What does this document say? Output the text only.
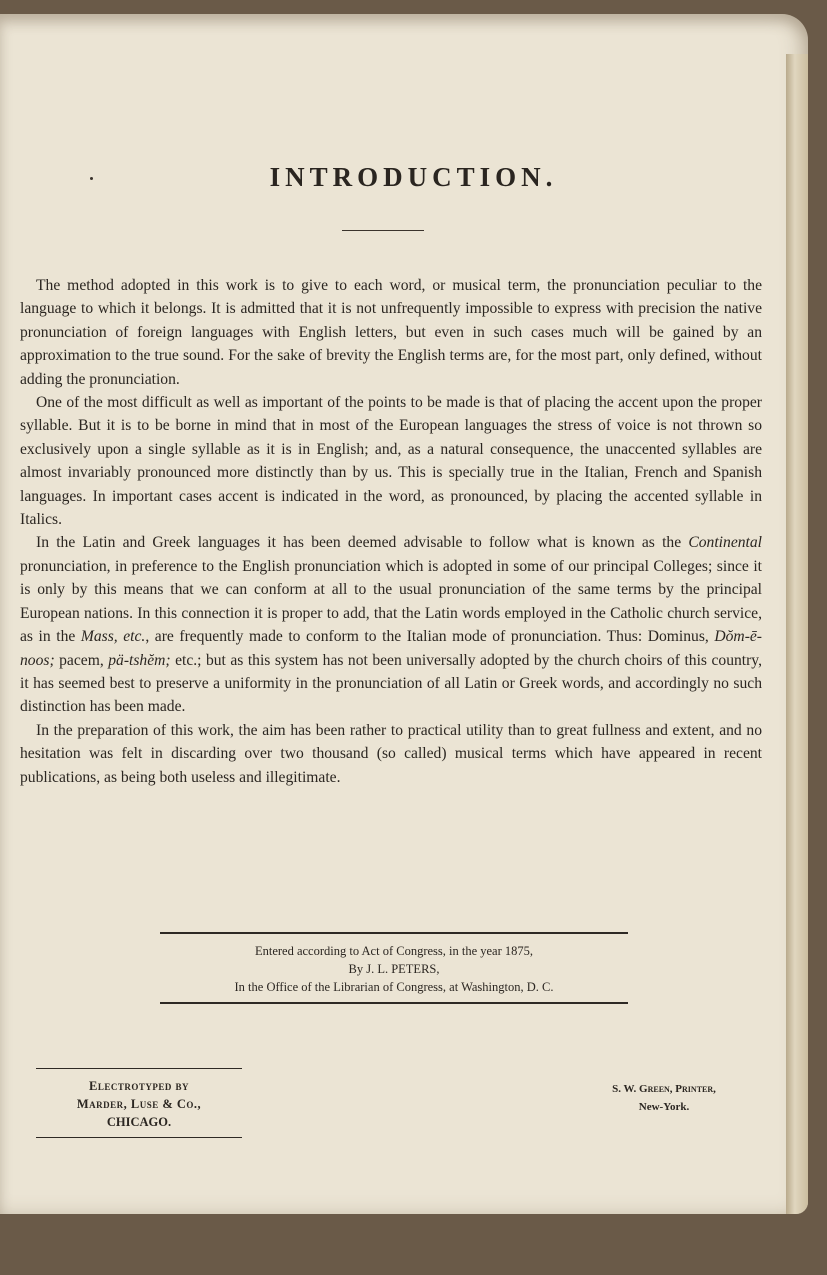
INTRODUCTION.

The method adopted in this work is to give to each word, or musical term, the pronunciation peculiar to the language to which it belongs. It is admitted that it is not unfrequently impossible to express with precision the native pronunciation of foreign languages with English letters, but even in such cases much will be gained by an approximation to the true sound. For the sake of brevity the English terms are, for the most part, only defined, without adding the pronunciation.

One of the most difficult as well as important of the points to be made is that of placing the accent upon the proper syllable. But it is to be borne in mind that in most of the European languages the stress of voice is not thrown so exclusively upon a single syllable as it is in English; and, as a natural consequence, the unaccented syllables are almost invariably pronounced more distinctly than by us. This is specially true in the Italian, French and Spanish languages. In important cases accent is indicated in the word, as pronounced, by placing the accented syllable in Italics.

In the Latin and Greek languages it has been deemed advisable to follow what is known as the Continental pronunciation, in preference to the English pronunciation which is adopted in some of our principal Colleges; since it is only by this means that we can conform at all to the usual pronunciation of the same terms by the principal European nations. In this connection it is proper to add, that the Latin words employed in the Catholic church service, as in the Mass, etc., are frequently made to conform to the Italian mode of pronunciation. Thus: Dominus, Dŏm-ē-noos; pacem, pä-tshĕm; etc.; but as this system has not been universally adopted by the church choirs of this country, it has seemed best to preserve a uniformity in the pronunciation of all Latin or Greek words, and accordingly no such distinction has been made.

In the preparation of this work, the aim has been rather to practical utility than to great fullness and extent, and no hesitation was felt in discarding over two thousand (so called) musical terms which have appeared in recent publications, as being both useless and illegitimate.

Entered according to Act of Congress, in the year 1875,
By J. L. PETERS,
In the Office of the Librarian of Congress, at Washington, D. C.
Electrotyped by
Marder, Luse & Co.,
CHICAGO.
S. W. Green, Printer,
New-York.
